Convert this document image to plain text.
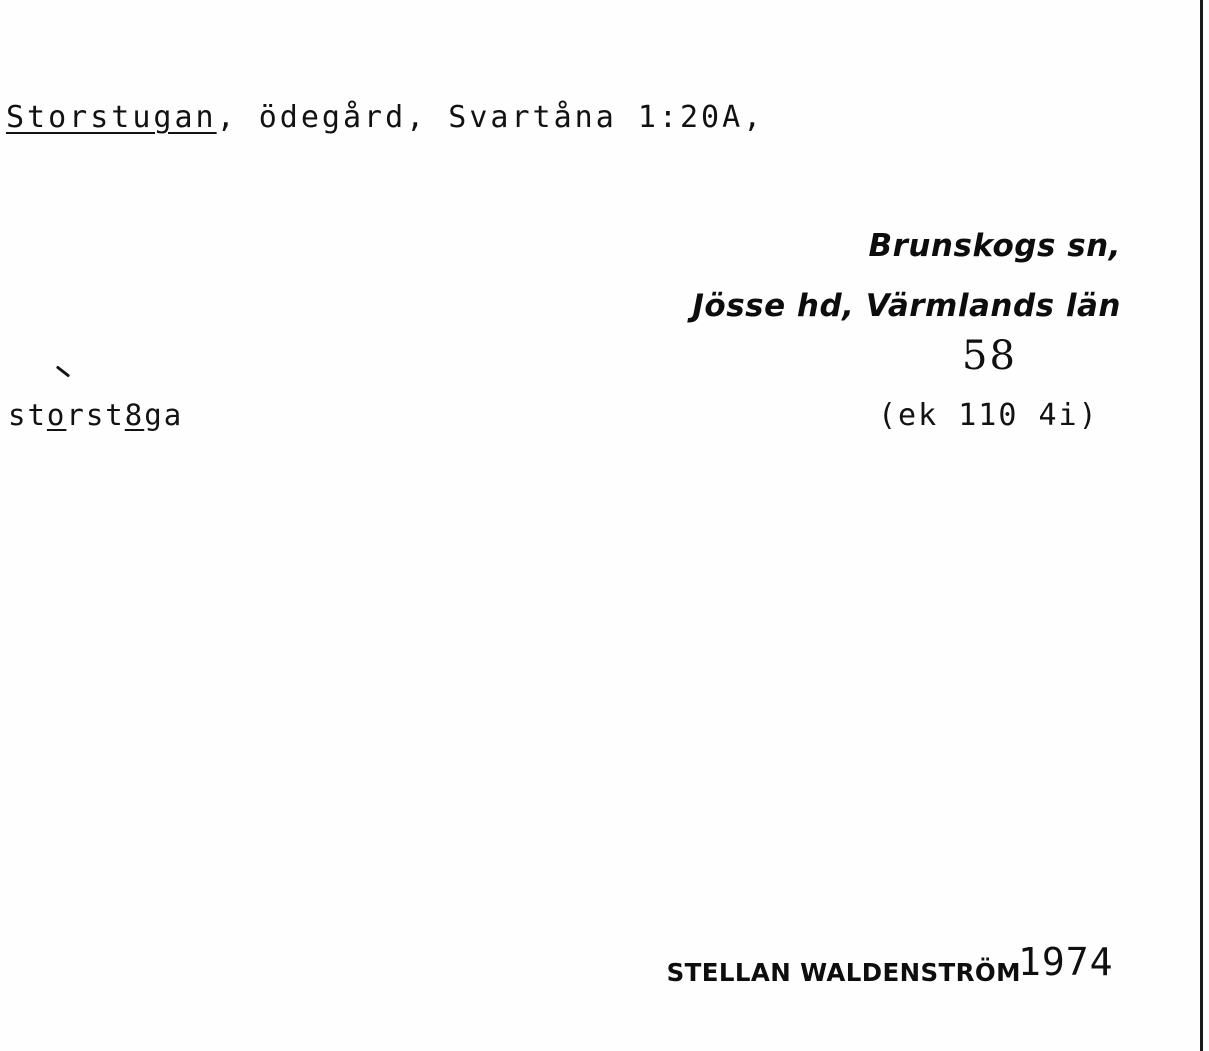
Storstugan, ödegård, Svartåna 1:20A,
Brunskogs sn,
Jösse hd, Värmlands län
58
storst8ga	(ek 110 4i)
STELLAN WALDENSTRÖM
1974
